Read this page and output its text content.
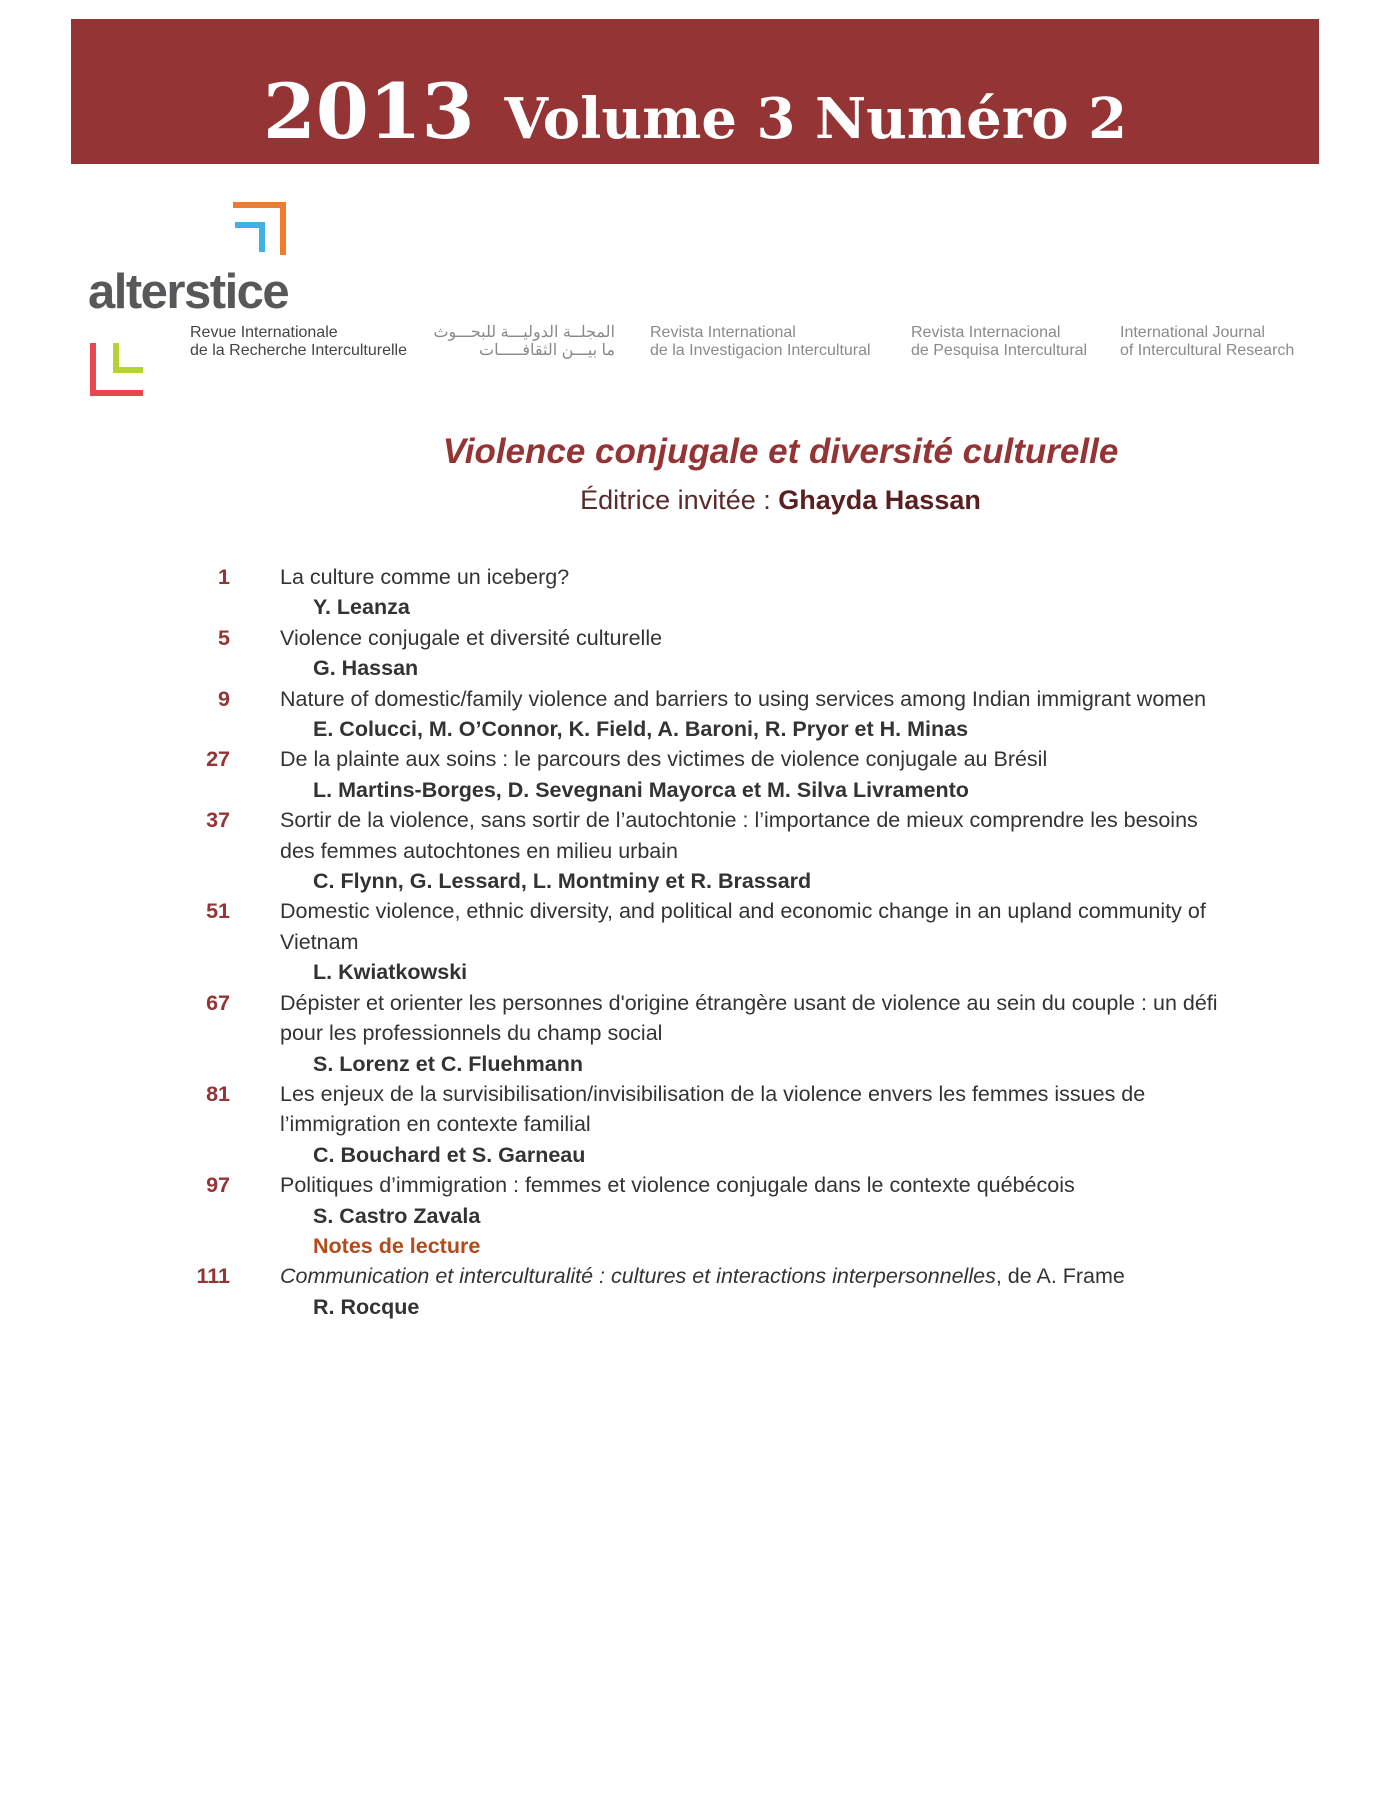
2013 Volume 3 Numéro 2
alterstice
Revue Internationale
de la Recherche Interculturelle
المجلــة الدوليـــة للبحـــوث
ما بيـــن الثقافـــــات
Revista International
de la Investigacion Intercultural
Revista Internacional
de Pesquisa Intercultural
International Journal
of Intercultural Research
Violence conjugale et diversité culturelle
Éditrice invitée : Ghayda Hassan
1 La culture comme un iceberg?
Y. Leanza
5 Violence conjugale et diversité culturelle
G. Hassan
9 Nature of domestic/family violence and barriers to using services among Indian immigrant women
E. Colucci, M. O’Connor, K. Field, A. Baroni, R. Pryor et H. Minas
27 De la plainte aux soins : le parcours des victimes de violence conjugale au Brésil
L. Martins-Borges, D. Sevegnani Mayorca et M. Silva Livramento
37 Sortir de la violence, sans sortir de l’autochtonie : l’importance de mieux comprendre les besoins des femmes autochtones en milieu urbain
C. Flynn, G. Lessard, L. Montminy et R. Brassard
51 Domestic violence, ethnic diversity, and political and economic change in an upland community of Vietnam
L. Kwiatkowski
67 Dépister et orienter les personnes d'origine étrangère usant de violence au sein du couple : un défi pour les professionnels du champ social
S. Lorenz et C. Fluehmann
81 Les enjeux de la survisibilisation/invisibilisation de la violence envers les femmes issues de l’immigration en contexte familial
C. Bouchard et S. Garneau
97 Politiques d’immigration : femmes et violence conjugale dans le contexte québécois
S. Castro Zavala
Notes de lecture
111 Communication et interculturalité : cultures et interactions interpersonnelles, de A. Frame
R. Rocque
